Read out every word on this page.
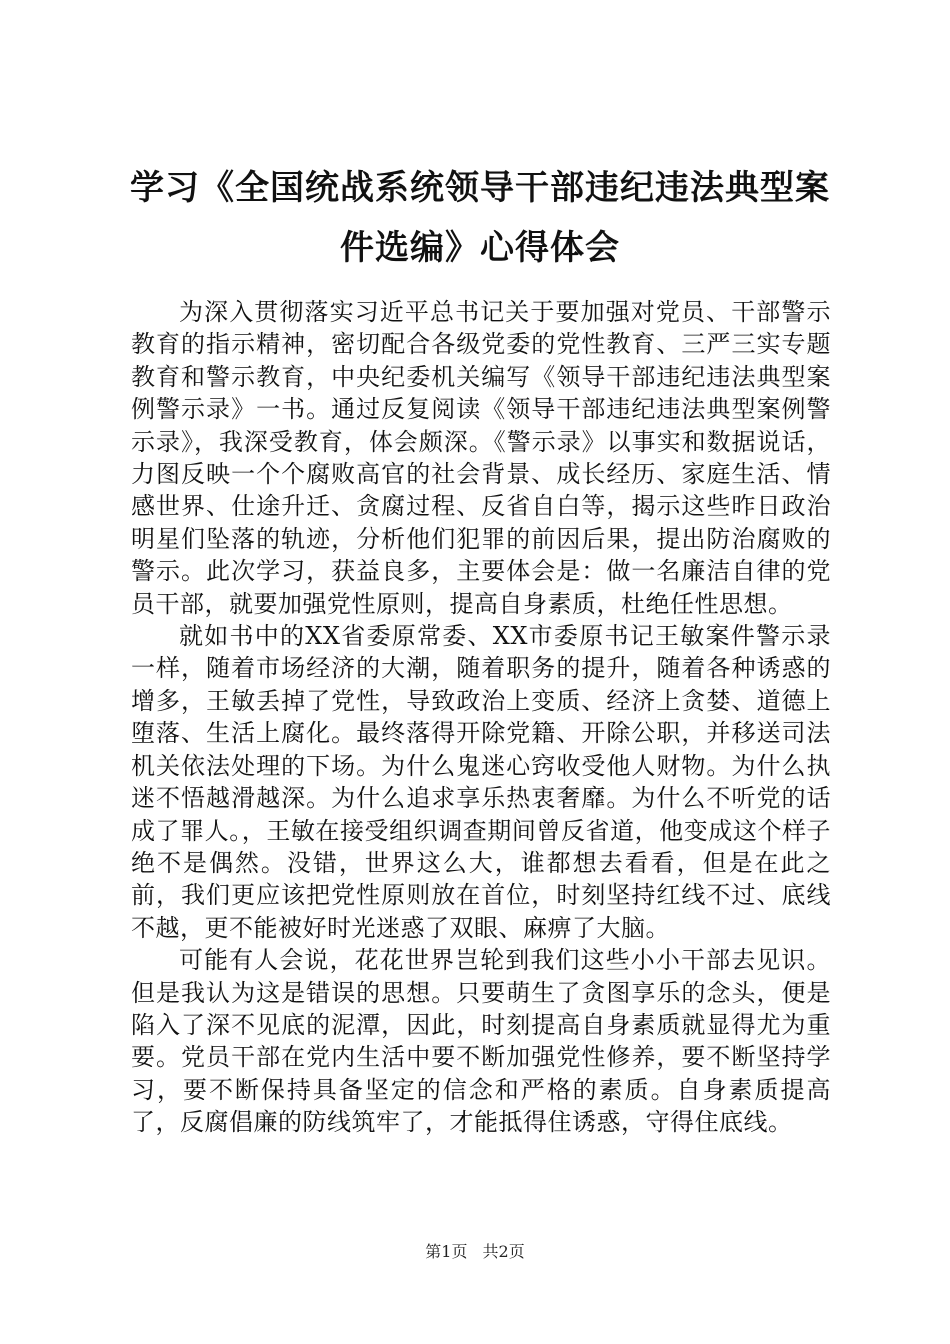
学习《全国统战系统领导干部违纪违法典型案
件选编》心得体会

为深入贯彻落实习近平总书记关于要加强对党员、干部警示教育的指示精神，密切配合各级党委的党性教育、三严三实专题教育和警示教育，中央纪委机关编写《领导干部违纪违法典型案例警示录》一书。通过反复阅读《领导干部违纪违法典型案例警示录》，我深受教育，体会颇深。《警示录》以事实和数据说话，力图反映一个个腐败高官的社会背景、成长经历、家庭生活、情感世界、仕途升迁、贪腐过程、反省自白等，揭示这些昨日政治明星们坠落的轨迹，分析他们犯罪的前因后果，提出防治腐败的警示。此次学习，获益良多，主要体会是：做一名廉洁自律的党员干部，就要加强党性原则，提高自身素质，杜绝任性思想。

就如书中的XX省委原常委、XX市委原书记王敏案件警示录一样，随着市场经济的大潮，随着职务的提升，随着各种诱惑的增多，王敏丢掉了党性，导致政治上变质、经济上贪婪、道德上堕落、生活上腐化。最终落得开除党籍、开除公职，并移送司法机关依法处理的下场。为什么鬼迷心窍收受他人财物。为什么执迷不悟越滑越深。为什么追求享乐热衷奢靡。为什么不听党的话成了罪人。，王敏在接受组织调查期间曾反省道，他变成这个样子绝不是偶然。没错，世界这么大，谁都想去看看，但是在此之前，我们更应该把党性原则放在首位，时刻坚持红线不过、底线不越，更不能被好时光迷惑了双眼、麻痹了大脑。

可能有人会说，花花世界岂轮到我们这些小小干部去见识。但是我认为这是错误的思想。只要萌生了贪图享乐的念头，便是陷入了深不见底的泥潭，因此，时刻提高自身素质就显得尤为重要。党员干部在党内生活中要不断加强党性修养，要不断坚持学习，要不断保持具备坚定的信念和严格的素质。自身素质提高了，反腐倡廉的防线筑牢了，才能抵得住诱惑，守得住底线。

第1页 共2页
